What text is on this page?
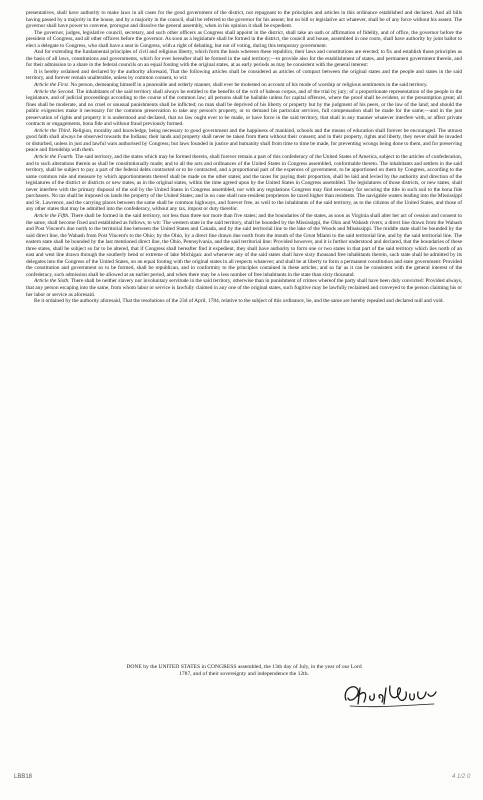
presentatives, shall have authority to make laws in all cases for the good government of the district, not repugnant to the principles and articles in this ordinance established and declared. And all bills having passed by a majority in the house, and by a majority in the council, shall be referred to the governor for his assent; but no bill or legislative act whatever, shall be of any force without his assent. The governor shall have power to convene, prorogue and dissolve the general assembly, when in his opinion it shall be expedient.

The governor, judges, legislative council, secretary, and such other officers as Congress shall appoint in the district, shall take an oath or affirmation of fidelity, and of office, the governor before the president of Congress, and all other officers before the governor. As soon as a legislature shall be formed in the district, the council and house, assembled in one room, shall have authority by joint ballot to elect a delegate to Congress, who shall have a seat in Congress, with a right of debating, but not of voting, during this temporary government.

And for extending the fundamental principles of civil and religious liberty, which form the basis whereon these republics, their laws and constitutions are erected; to fix and establish those principles as the basis of all laws, constitutions and governments, which for ever hereafter shall be formed in the said territory;—to provide also for the establishment of states, and permanent government therein, and for their admission to a share in the federal councils on an equal footing with the original states, at as early periods as may be consistent with the general interest:

It is hereby ordained and declared by the authority aforesaid, That the following articles shall be considered as articles of compact between the original states and the people and states in the said territory, and forever remain unalterable, unless by common consent, to wit:

Article the First. No person, demeaning himself in a peaceable and orderly manner, shall ever be molested on account of his mode of worship or religious sentiments in the said territory.

Article the Second. The inhabitants of the said territory shall always be entitled to the benefits of the writ of habeas corpus, and of the trial by jury; of a proportionate representation of the people in the legislature, and of judicial proceedings according to the course of the common law; all persons shall be bailable unless for capital offences, where the proof shall be evident, or the presumption great; all fines shall be moderate, and no cruel or unusual punishments shall be inflicted; no man shall be deprived of his liberty or property but by the judgment of his peers, or the law of the land; and should the public exigencies make it necessary for the common preservation to take any person's property, or to demand his particular services, full compensation shall be made for the same;—and in the just preservation of rights and property it is understood and declared, that no law ought ever to be made, or have force in the said territory, that shall in any manner whatever interfere with, or affect private contracts or engagements, bona fide and without fraud previously formed.

Article the Third. Religion, morality and knowledge, being necessary to good government and the happiness of mankind, schools and the means of education shall forever be encouraged. The utmost good faith shall always be observed towards the Indians; their lands and property shall never be taken from them without their consent; and in their property, rights and liberty, they never shall be invaded or disturbed, unless in just and lawful wars authorised by Congress; but laws founded in justice and humanity shall from time to time be made, for preventing wrongs being done to them, and for preserving peace and friendship with them.

Article the Fourth. The said territory, and the states which may be formed therein, shall forever remain a part of this confederacy of the United States of America, subject to the articles of confederation, and to such alterations therein as shall be constitutionally made; and to all the acts and ordinances of the United States in Congress assembled, conformable thereto. The inhabitants and settlers in the said territory, shall be subject to pay a part of the federal debts contracted or to be contracted, and a proportional part of the expences of government, to be apportioned on them by Congress, according to the same common rule and measure by which apportionments thereof shall be made on the other states; and the taxes for paying their proportion, shall be laid and levied by the authority and direction of the legislatures of the district or districts or new states, as in the original states, within the time agreed upon by the United States in Congress assembled. The legislatures of those districts, or new states, shall never interfere with the primary disposal of the soil by the United States in Congress assembled, nor with any regulations Congress may find necessary for securing the title in such soil to the bona fide purchasers. No tax shall be imposed on lands the property of the United States; and in no case shall non-resident proprietors be taxed higher than residents. The navigable waters leading into the Mississippi and St. Lawrence, and the carrying places between the same shall be common highways, and forever free, as well to the inhabitants of the said territory, as to the citizens of the United States, and those of any other states that may be admitted into the confederacy, without any tax, impost or duty therefor.

Article the Fifth. There shall be formed in the said territory, not less than three nor more than five states; and the boundaries of the states, as soon as Virginia shall alter her act of cession and consent to the same, shall become fixed and established as follows, to wit: The western state in the said territory, shall be bounded by the Mississippi, the Ohio and Wabash rivers; a direct line drawn from the Wabash and Post Vincent's due north to the territorial line between the United States and Canada, and by the said territorial line to the lake of the Woods and Mississippi. The middle state shall be bounded by the said direct line, the Wabash from Post Vincent's to the Ohio; by the Ohio, by a direct line drawn due north from the mouth of the Great Miami to the said territorial line, and by the said territorial line. The eastern state shall be bounded by the last mentioned direct line, the Ohio, Pennsylvania, and the said territorial line: Provided however, and it is further understood and declared, that the boundaries of these three states, shall be subject so far to be altered, that if Congress shall hereafter find it expedient, they shall have authority to form one or two states in that part of the said territory which lies north of an east and west line drawn through the southerly bend or extreme of lake Michigan: and whenever any of the said states shall have sixty thousand free inhabitants therein, such state shall be admitted by its delegates into the Congress of the United States, on an equal footing with the original states in all respects whatever; and shall be at liberty to form a permanent constitution and state government: Provided the constitution and government so to be formed, shall be republican, and in conformity to the principles contained in these articles; and so far as it can be consistent with the general interest of the confederacy, such admission shall be allowed at an earlier period, and when there may be a less number of free inhabitants in the state than sixty thousand.

Article the Sixth. There shall be neither slavery nor involuntary servitude in the said territory, otherwise than in punishment of crimes whereof the party shall have been duly convicted: Provided always, that any person escaping into the same, from whom labor or service is lawfully claimed in any one of the original states, such fugitive may be lawfully reclaimed and conveyed to the person claiming his or her labor or service as aforesaid.

Be it ordained by the authority aforesaid, That the resolutions of the 23d of April, 1784, relative to the subject of this ordinance, be, and the same are hereby repealed and declared null and void.

DONE by the UNITED STATES in CONGRESS assembled, the 13th day of July, in the year of our Lord
1787, and of their sovereignty and independence the 12th.
LBB18	4 1/2 0
